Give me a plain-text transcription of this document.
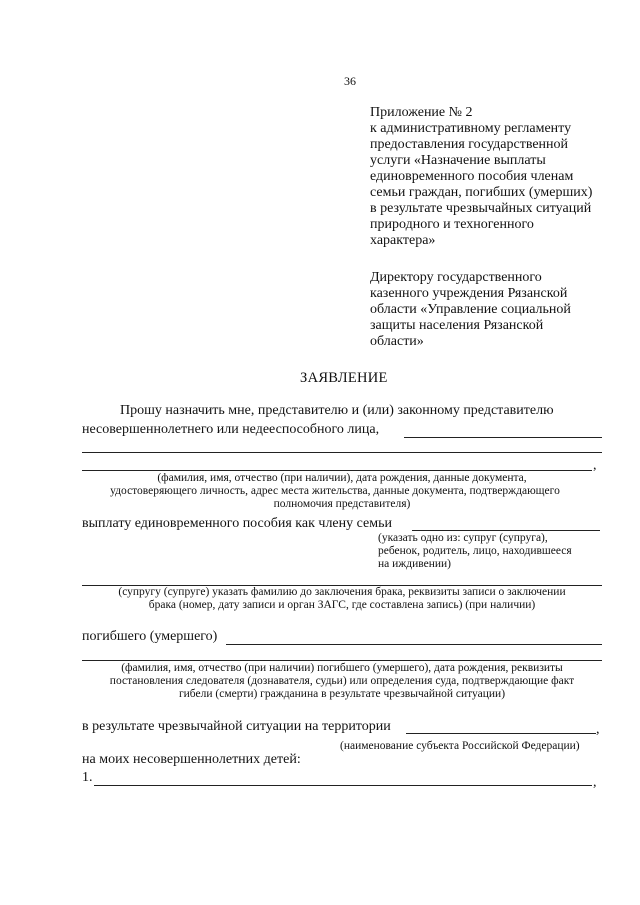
36
Приложение № 2
к административному регламенту
предоставления государственной
услуги «Назначение выплаты
единовременного пособия членам
семьи граждан, погибших (умерших)
в результате чрезвычайных ситуаций
природного и техногенного
характера»
Директору государственного
казенного учреждения Рязанской
области «Управление социальной
защиты населения Рязанской
области»
ЗАЯВЛЕНИЕ
Прошу назначить мне, представителю и (или) законному представителю
несовершеннолетнего или недееспособного лица,
,
(фамилия, имя, отчество (при наличии), дата рождения, данные документа,
удостоверяющего личность, адрес места жительства, данные документа, подтверждающего
полномочия представителя)
выплату единовременного пособия как члену семьи
(указать одно из: супруг (супруга),
ребенок, родитель, лицо, находившееся
на иждивении)
(супругу (супруге) указать фамилию до заключения брака, реквизиты записи о заключении
брака (номер, дату записи и орган ЗАГС, где составлена запись) (при наличии)
погибшего (умершего)
(фамилия, имя, отчество (при наличии) погибшего (умершего), дата рождения, реквизиты
постановления следователя (дознавателя, судьи) или определения суда, подтверждающие факт
гибели (смерти) гражданина в результате чрезвычайной ситуации)
в результате чрезвычайной ситуации на территории	,
(наименование субъекта Российской Федерации)
на моих несовершеннолетних детей:
1.	,
